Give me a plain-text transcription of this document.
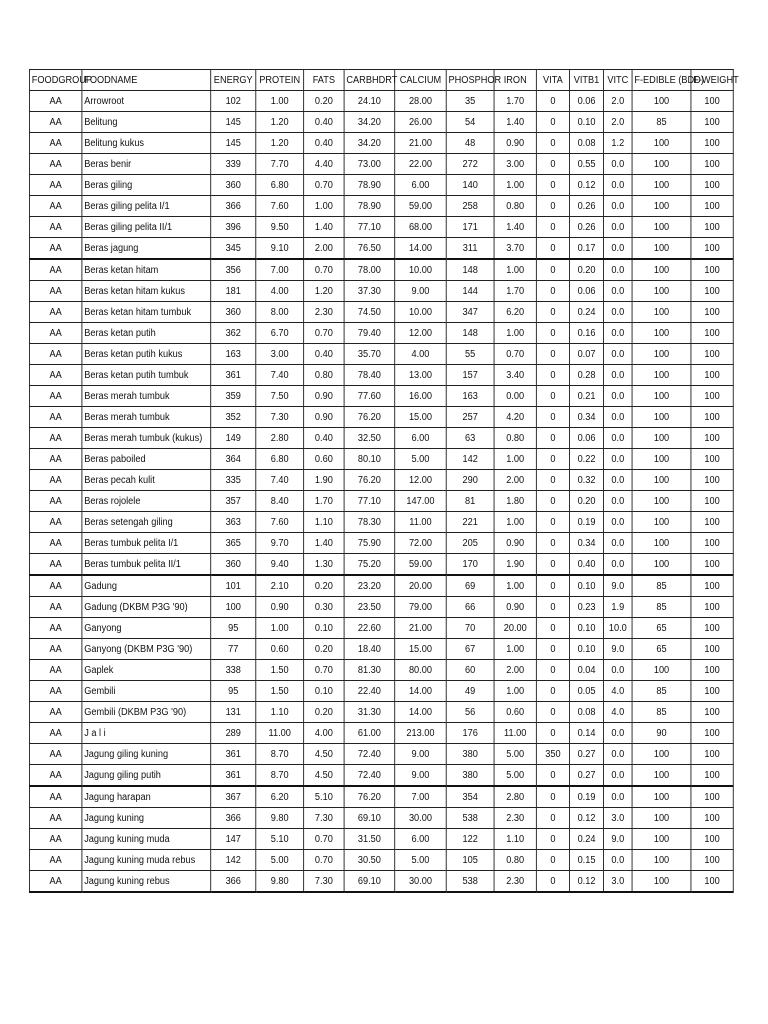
FOODGROUP	FOODNAME	ENERGY	PROTEIN	FATS	CARBHDRT	CALCIUM	PHOSPHOR	IRON	VITA	VITB1	VITC	F-EDIBLE (BDD)	F-WEIGHT
AA	Arrowroot	102	1.00	0.20	24.10	28.00	35	1.70	0	0.06	2.0	100	100
AA	Belitung	145	1.20	0.40	34.20	26.00	54	1.40	0	0.10	2.0	85	100
AA	Belitung kukus	145	1.20	0.40	34.20	21.00	48	0.90	0	0.08	1.2	100	100
AA	Beras benir	339	7.70	4.40	73.00	22.00	272	3.00	0	0.55	0.0	100	100
AA	Beras giling	360	6.80	0.70	78.90	6.00	140	1.00	0	0.12	0.0	100	100
AA	Beras giling pelita I/1	366	7.60	1.00	78.90	59.00	258	0.80	0	0.26	0.0	100	100
AA	Beras giling pelita II/1	396	9.50	1.40	77.10	68.00	171	1.40	0	0.26	0.0	100	100
AA	Beras jagung	345	9.10	2.00	76.50	14.00	311	3.70	0	0.17	0.0	100	100
AA	Beras ketan hitam	356	7.00	0.70	78.00	10.00	148	1.00	0	0.20	0.0	100	100
AA	Beras ketan hitam kukus	181	4.00	1.20	37.30	9.00	144	1.70	0	0.06	0.0	100	100
AA	Beras ketan hitam tumbuk	360	8.00	2.30	74.50	10.00	347	6.20	0	0.24	0.0	100	100
AA	Beras ketan putih	362	6.70	0.70	79.40	12.00	148	1.00	0	0.16	0.0	100	100
AA	Beras ketan putih kukus	163	3.00	0.40	35.70	4.00	55	0.70	0	0.07	0.0	100	100
AA	Beras ketan putih tumbuk	361	7.40	0.80	78.40	13.00	157	3.40	0	0.28	0.0	100	100
AA	Beras merah tumbuk	359	7.50	0.90	77.60	16.00	163	0.00	0	0.21	0.0	100	100
AA	Beras merah tumbuk	352	7.30	0.90	76.20	15.00	257	4.20	0	0.34	0.0	100	100
AA	Beras merah tumbuk (kukus)	149	2.80	0.40	32.50	6.00	63	0.80	0	0.06	0.0	100	100
AA	Beras paboiled	364	6.80	0.60	80.10	5.00	142	1.00	0	0.22	0.0	100	100
AA	Beras pecah kulit	335	7.40	1.90	76.20	12.00	290	2.00	0	0.32	0.0	100	100
AA	Beras rojolele	357	8.40	1.70	77.10	147.00	81	1.80	0	0.20	0.0	100	100
AA	Beras setengah giling	363	7.60	1.10	78.30	11.00	221	1.00	0	0.19	0.0	100	100
AA	Beras tumbuk pelita I/1	365	9.70	1.40	75.90	72.00	205	0.90	0	0.34	0.0	100	100
AA	Beras tumbuk pelita II/1	360	9.40	1.30	75.20	59.00	170	1.90	0	0.40	0.0	100	100
AA	Gadung	101	2.10	0.20	23.20	20.00	69	1.00	0	0.10	9.0	85	100
AA	Gadung (DKBM P3G '90)	100	0.90	0.30	23.50	79.00	66	0.90	0	0.23	1.9	85	100
AA	Ganyong	95	1.00	0.10	22.60	21.00	70	20.00	0	0.10	10.0	65	100
AA	Ganyong (DKBM P3G '90)	77	0.60	0.20	18.40	15.00	67	1.00	0	0.10	9.0	65	100
AA	Gaplek	338	1.50	0.70	81.30	80.00	60	2.00	0	0.04	0.0	100	100
AA	Gembili	95	1.50	0.10	22.40	14.00	49	1.00	0	0.05	4.0	85	100
AA	Gembili (DKBM P3G '90)	131	1.10	0.20	31.30	14.00	56	0.60	0	0.08	4.0	85	100
AA	J a l i	289	11.00	4.00	61.00	213.00	176	11.00	0	0.14	0.0	90	100
AA	Jagung giling kuning	361	8.70	4.50	72.40	9.00	380	5.00	350	0.27	0.0	100	100
AA	Jagung giling putih	361	8.70	4.50	72.40	9.00	380	5.00	0	0.27	0.0	100	100
AA	Jagung harapan	367	6.20	5.10	76.20	7.00	354	2.80	0	0.19	0.0	100	100
AA	Jagung kuning	366	9.80	7.30	69.10	30.00	538	2.30	0	0.12	3.0	100	100
AA	Jagung kuning muda	147	5.10	0.70	31.50	6.00	122	1.10	0	0.24	9.0	100	100
AA	Jagung kuning muda rebus	142	5.00	0.70	30.50	5.00	105	0.80	0	0.15	0.0	100	100
AA	Jagung kuning rebus	366	9.80	7.30	69.10	30.00	538	2.30	0	0.12	3.0	100	100
